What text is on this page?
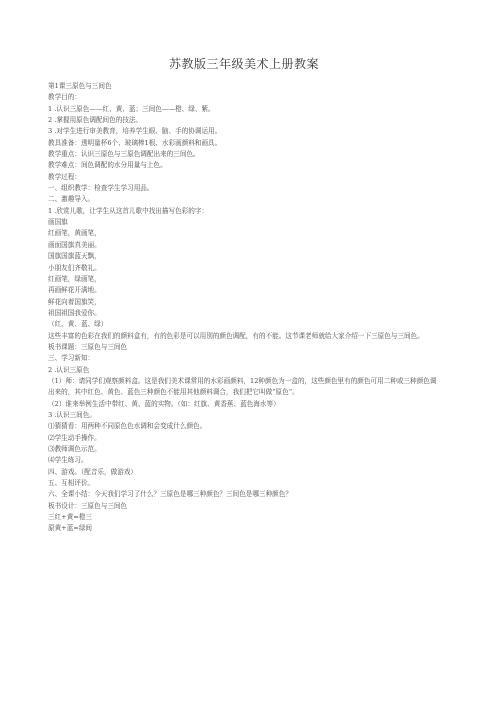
苏教版三年级美术上册教案
第1课三原色与三间色
教学目的：
1 .认识三原色——红、黄、蓝；三间色——橙、绿、紫。
2 .掌握用原色调配间色的技法。
3 .对学生进行审美教育，培养学生眼、脑、手的协调运用。
教具准备：透明量杯6个、玻璃棒1根、水彩画颜料和画具。
教学重点：认识三原色与三原色调配出来的三间色。
教学难点：间色调配的水分用量与上色。
教学过程：
一、组织教学：检查学生学习用品。
二、激趣导入。
1 .欣赏儿歌，让学生从这首儿歌中找出描写色彩的字：
画国旗
红画笔，黄画笔，
画面国旗真美丽。
国旗国旗蓝天飘，
小朋友们齐敬礼。
红画笔，绿画笔，
再画鲜花开满地。
鲜花向着国旗笑，
祖国祖国我爱你。
（红、黄、蓝、绿）
这些丰富的色彩在我们的颜料盒有，有的色彩是可以用别的颜色调配，有的不能。这节课老师就给大家介绍一下三原色与三间色。
板书课题：三原色与三间色
三、学习新知：
2 .认识三原色
（1）师：请同学们观察颜料盒。这是我们美术课常用的水彩画颜料，12种颜色为一盒的，这些颜色里有的颜色可用二种或三种颜色调出来的，其中红色、黄色、蓝色三种颜色不能用其他颜料调合，我们把它叫做“原色”。
（2）谁来举例生活中带红、黄、蓝的实物。（如：红旗、黄香蕉、蓝色海水等）
3 .认识三间色。
⑴猜猜看：用两种不同原色色水调和会变成什么颜色。
⑵学生动手操作。
⑶教师调色示范。
⑷学生练习。
四、游戏。（配音乐，做游戏）
五、互相评价。
六、全课小结：今天我们学习了什么？三原色是哪三种颜色？三间色是哪三种颜色？
板书设计：三原色与三间色
三红+黄=橙三
原黄+蓝=绿间
